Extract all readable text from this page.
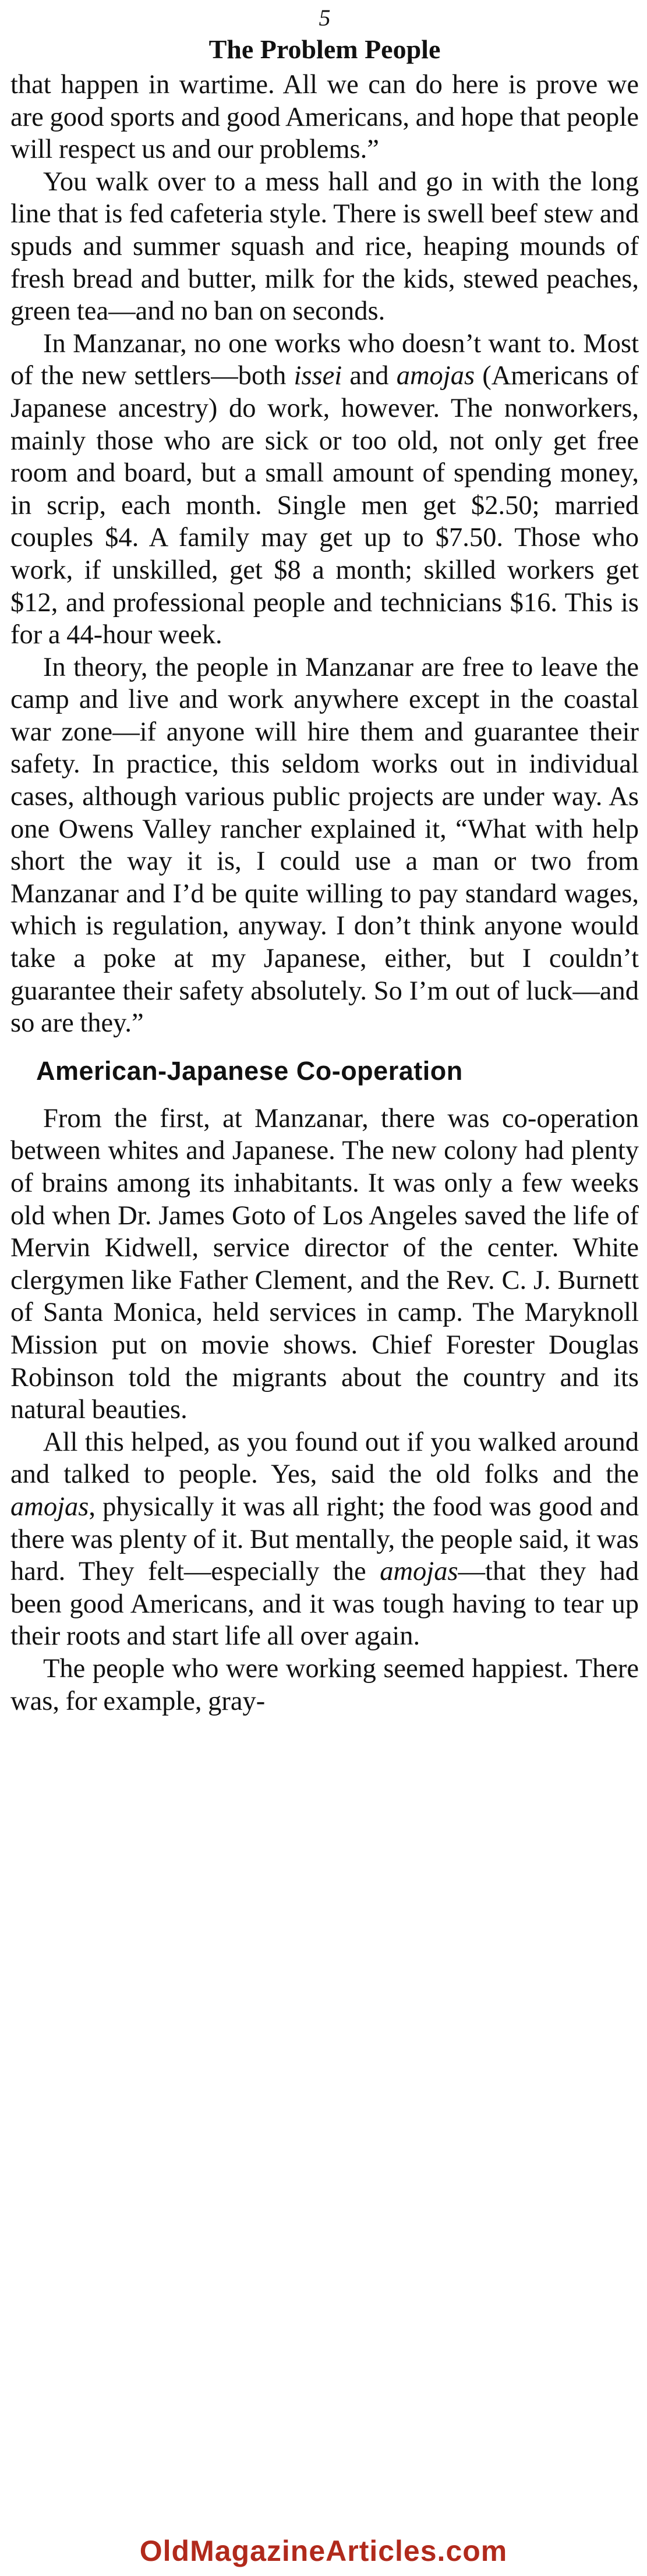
5
The Problem People

that happen in wartime. All we can do here is prove we are good sports and good Americans, and hope that people will respect us and our problems.”

You walk over to a mess hall and go in with the long line that is fed cafeteria style. There is swell beef stew and spuds and summer squash and rice, heaping mounds of fresh bread and butter, milk for the kids, stewed peaches, green tea—and no ban on seconds.

In Manzanar, no one works who doesn’t want to. Most of the new settlers—both issei and amojas (Americans of Japanese ancestry) do work, however. The nonworkers, mainly those who are sick or too old, not only get free room and board, but a small amount of spending money, in scrip, each month. Single men get $2.50; married couples $4. A family may get up to $7.50. Those who work, if unskilled, get $8 a month; skilled workers get $12, and professional people and technicians $16. This is for a 44-hour week.

In theory, the people in Manzanar are free to leave the camp and live and work anywhere except in the coastal war zone—if anyone will hire them and guarantee their safety. In practice, this seldom works out in individual cases, although various public projects are under way. As one Owens Valley rancher explained it, “What with help short the way it is, I could use a man or two from Manzanar and I’d be quite willing to pay standard wages, which is regulation, anyway. I don’t think anyone would take a poke at my Japanese, either, but I couldn’t guarantee their safety absolutely. So I’m out of luck—and so are they.”

American-Japanese Co-operation

From the first, at Manzanar, there was co-operation between whites and Japanese. The new colony had plenty of brains among its inhabitants. It was only a few weeks old when Dr. James Goto of Los Angeles saved the life of Mervin Kidwell, service director of the center. White clergymen like Father Clement, and the Rev. C. J. Burnett of Santa Monica, held services in camp. The Maryknoll Mission put on movie shows. Chief Forester Douglas Robinson told the migrants about the country and its natural beauties.

All this helped, as you found out if you walked around and talked to people. Yes, said the old folks and the amojas, physically it was all right; the food was good and there was plenty of it. But mentally, the people said, it was hard. They felt—especially the amojas—that they had been good Americans, and it was tough having to tear up their roots and start life all over again.

The people who were working seemed happiest. There was, for example, gray-

OldMagazineArticles.com
